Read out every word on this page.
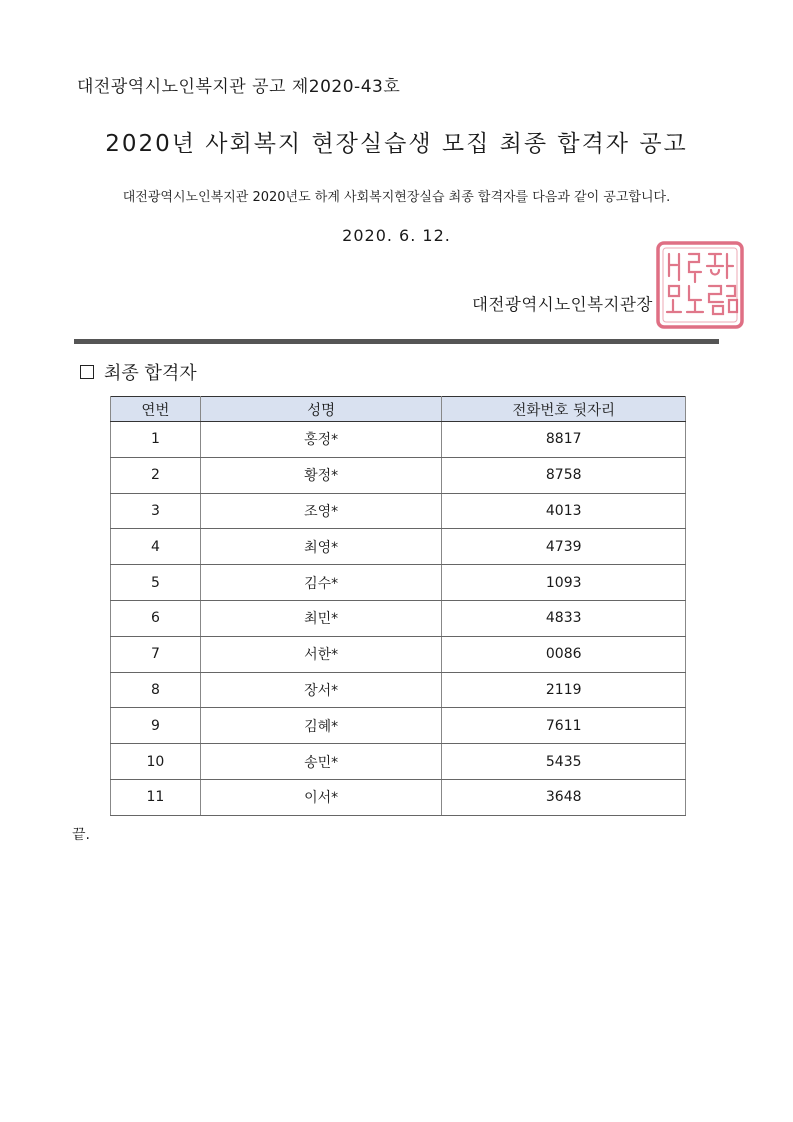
대전광역시노인복지관 공고 제2020-43호
2020년 사회복지 현장실습생 모집 최종 합격자 공고
대전광역시노인복지관 2020년도 하계 사회복지현장실습 최종 합격자를 다음과 같이 공고합니다.
2020. 6. 12.
대전광역시노인복지관장
최종 합격자
연번	성명	전화번호 뒷자리
1	홍정*	8817
2	황정*	8758
3	조영*	4013
4	최영*	4739
5	김수*	1093
6	최민*	4833
7	서한*	0086
8	장서*	2119
9	김혜*	7611
10	송민*	5435
11	이서*	3648
끝.
